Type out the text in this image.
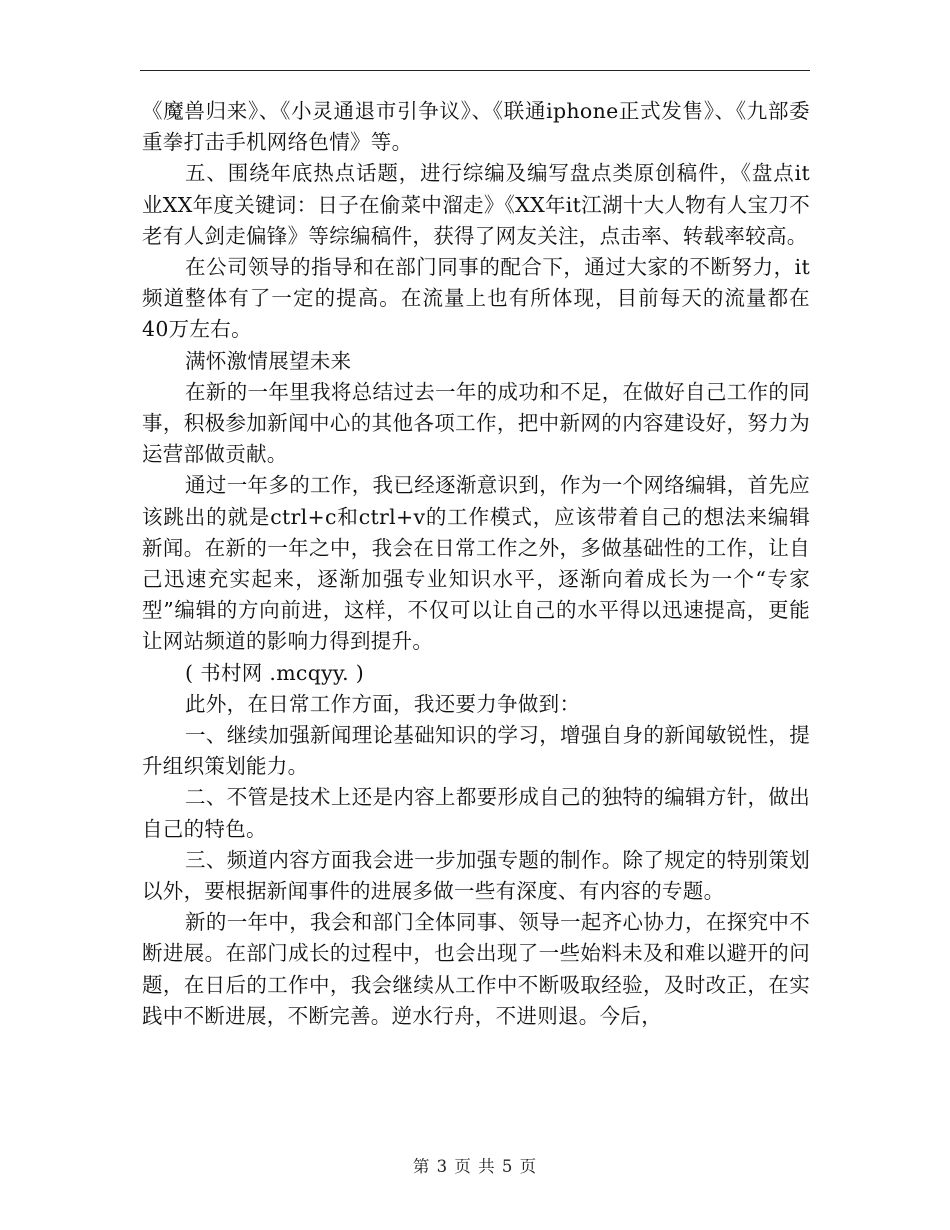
《魔兽归来》、《小灵通退市引争议》、《联通iphone正式发售》、《九部委重拳打击手机网络色情》等。

五、围绕年底热点话题，进行综编及编写盘点类原创稿件，《盘点it业XX年度关键词：日子在偷菜中溜走》《XX年it江湖十大人物有人宝刀不老有人剑走偏锋》等综编稿件，获得了网友关注，点击率、转载率较高。

在公司领导的指导和在部门同事的配合下，通过大家的不断努力，it频道整体有了一定的提高。在流量上也有所体现，目前每天的流量都在40万左右。

满怀激情展望未来

在新的一年里我将总结过去一年的成功和不足，在做好自己工作的同事，积极参加新闻中心的其他各项工作，把中新网的内容建设好，努力为运营部做贡献。

通过一年多的工作，我已经逐渐意识到，作为一个网络编辑，首先应该跳出的就是ctrl+c和ctrl+v的工作模式，应该带着自己的想法来编辑新闻。在新的一年之中，我会在日常工作之外，多做基础性的工作，让自己迅速充实起来，逐渐加强专业知识水平，逐渐向着成长为一个“专家型”编辑的方向前进，这样，不仅可以让自己的水平得以迅速提高，更能让网站频道的影响力得到提升。

( 书村网 .mcqyy. )

此外，在日常工作方面，我还要力争做到：

一、继续加强新闻理论基础知识的学习，增强自身的新闻敏锐性，提升组织策划能力。

二、不管是技术上还是内容上都要形成自己的独特的编辑方针，做出自己的特色。

三、频道内容方面我会进一步加强专题的制作。除了规定的特别策划以外，要根据新闻事件的进展多做一些有深度、有内容的专题。

新的一年中，我会和部门全体同事、领导一起齐心协力，在探究中不断进展。在部门成长的过程中，也会出现了一些始料未及和难以避开的问题，在日后的工作中，我会继续从工作中不断吸取经验，及时改正，在实践中不断进展，不断完善。逆水行舟，不进则退。今后，

第 3 页 共 5 页
